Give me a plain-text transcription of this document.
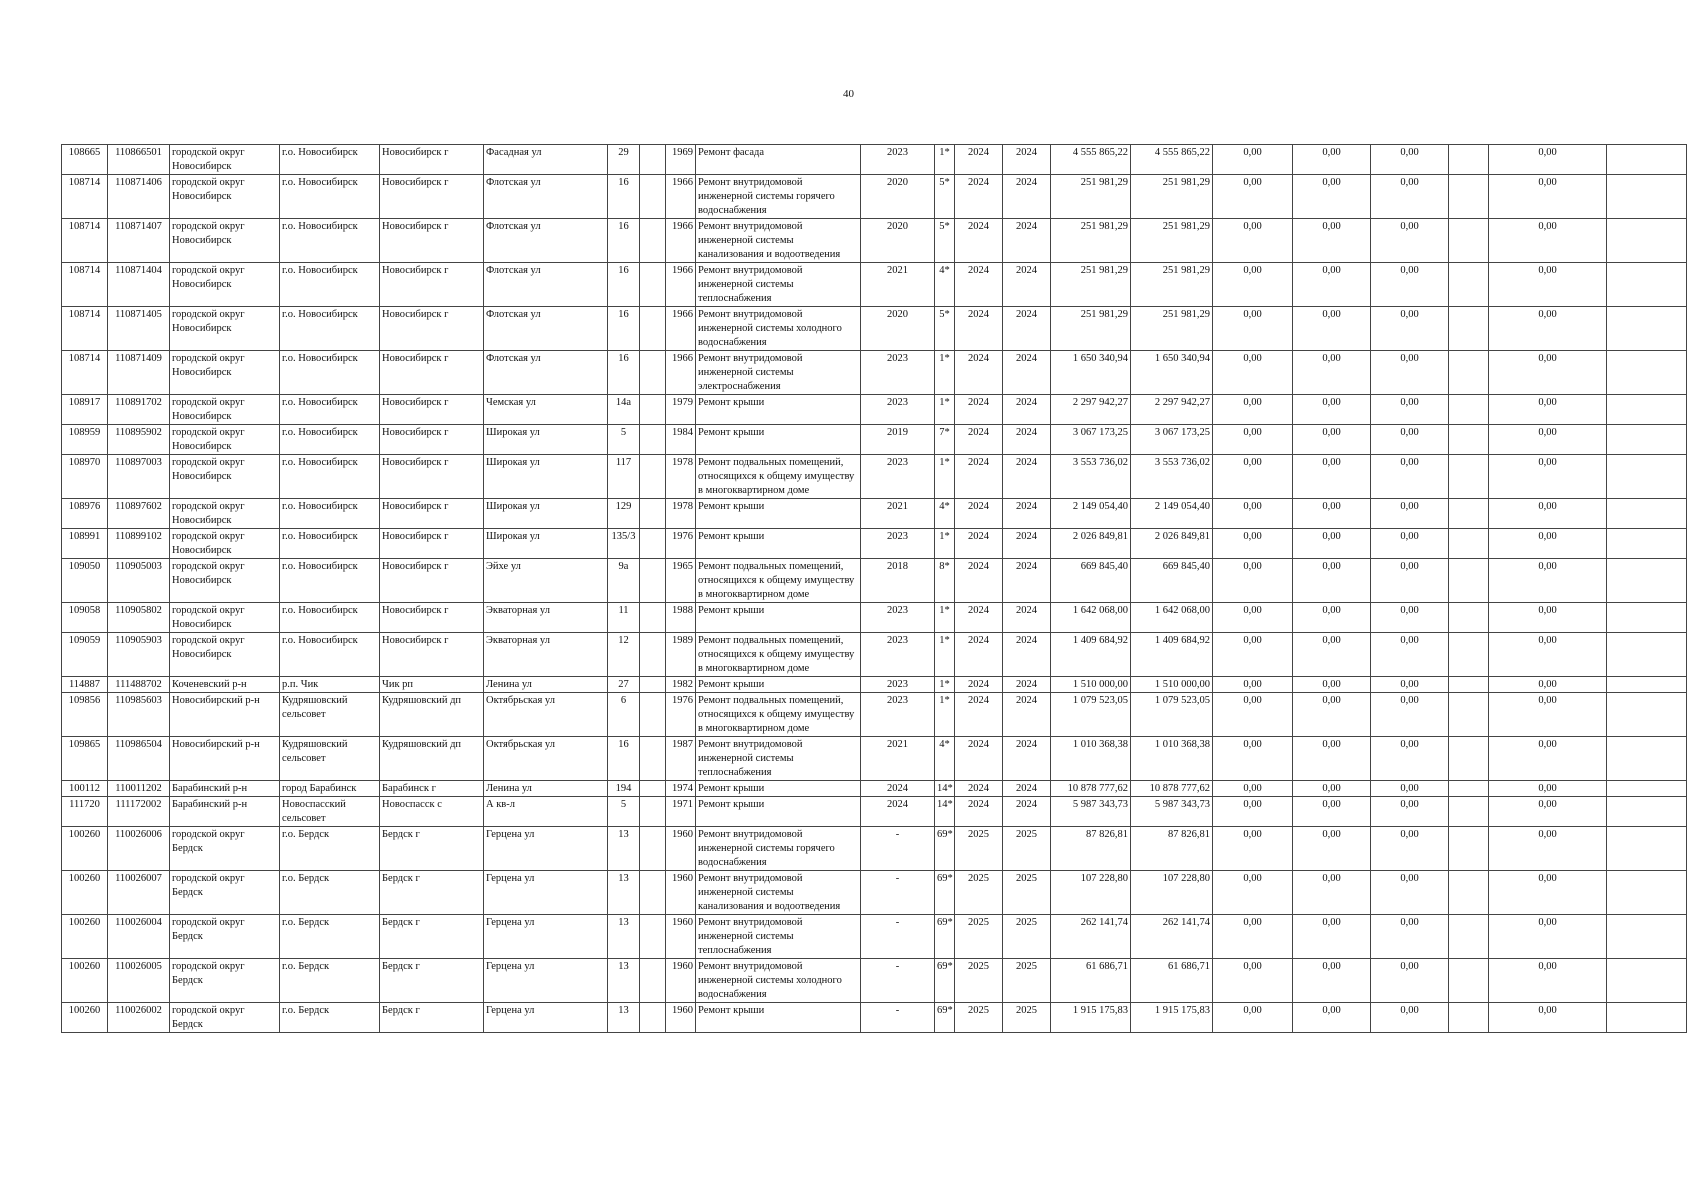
40
108665	110866501	городской округ Новосибирск	г.о. Новосибирск	Новосибирск г	Фасадная ул	29		1969	Ремонт фасада	2023	1*	2024	2024	4 555 865,22	4 555 865,22	0,00	0,00	0,00		0,00	
108714	110871406	городской округ Новосибирск	г.о. Новосибирск	Новосибирск г	Флотская ул	16		1966	Ремонт внутридомовой инженерной системы горячего водоснабжения	2020	5*	2024	2024	251 981,29	251 981,29	0,00	0,00	0,00		0,00	
108714	110871407	городской округ Новосибирск	г.о. Новосибирск	Новосибирск г	Флотская ул	16		1966	Ремонт внутридомовой инженерной системы канализования и водоотведения	2020	5*	2024	2024	251 981,29	251 981,29	0,00	0,00	0,00		0,00	
108714	110871404	городской округ Новосибирск	г.о. Новосибирск	Новосибирск г	Флотская ул	16		1966	Ремонт внутридомовой инженерной системы теплоснабжения	2021	4*	2024	2024	251 981,29	251 981,29	0,00	0,00	0,00		0,00	
108714	110871405	городской округ Новосибирск	г.о. Новосибирск	Новосибирск г	Флотская ул	16		1966	Ремонт внутридомовой инженерной системы холодного водоснабжения	2020	5*	2024	2024	251 981,29	251 981,29	0,00	0,00	0,00		0,00	
108714	110871409	городской округ Новосибирск	г.о. Новосибирск	Новосибирск г	Флотская ул	16		1966	Ремонт внутридомовой инженерной системы электроснабжения	2023	1*	2024	2024	1 650 340,94	1 650 340,94	0,00	0,00	0,00		0,00	
108917	110891702	городской округ Новосибирск	г.о. Новосибирск	Новосибирск г	Чемская ул	14а		1979	Ремонт крыши	2023	1*	2024	2024	2 297 942,27	2 297 942,27	0,00	0,00	0,00		0,00	
108959	110895902	городской округ Новосибирск	г.о. Новосибирск	Новосибирск г	Широкая ул	5		1984	Ремонт крыши	2019	7*	2024	2024	3 067 173,25	3 067 173,25	0,00	0,00	0,00		0,00	
108970	110897003	городской округ Новосибирск	г.о. Новосибирск	Новосибирск г	Широкая ул	117		1978	Ремонт подвальных помещений, относящихся к общему имуществу в многоквартирном доме	2023	1*	2024	2024	3 553 736,02	3 553 736,02	0,00	0,00	0,00		0,00	
108976	110897602	городской округ Новосибирск	г.о. Новосибирск	Новосибирск г	Широкая ул	129		1978	Ремонт крыши	2021	4*	2024	2024	2 149 054,40	2 149 054,40	0,00	0,00	0,00		0,00	
108991	110899102	городской округ Новосибирск	г.о. Новосибирск	Новосибирск г	Широкая ул	135/3		1976	Ремонт крыши	2023	1*	2024	2024	2 026 849,81	2 026 849,81	0,00	0,00	0,00		0,00	
109050	110905003	городской округ Новосибирск	г.о. Новосибирск	Новосибирск г	Эйхе ул	9а		1965	Ремонт подвальных помещений, относящихся к общему имуществу в многоквартирном доме	2018	8*	2024	2024	669 845,40	669 845,40	0,00	0,00	0,00		0,00	
109058	110905802	городской округ Новосибирск	г.о. Новосибирск	Новосибирск г	Экваторная ул	11		1988	Ремонт крыши	2023	1*	2024	2024	1 642 068,00	1 642 068,00	0,00	0,00	0,00		0,00	
109059	110905903	городской округ Новосибирск	г.о. Новосибирск	Новосибирск г	Экваторная ул	12		1989	Ремонт подвальных помещений, относящихся к общему имуществу в многоквартирном доме	2023	1*	2024	2024	1 409 684,92	1 409 684,92	0,00	0,00	0,00		0,00	
114887	111488702	Коченевский р-н	р.п. Чик	Чик рп	Ленина ул	27		1982	Ремонт крыши	2023	1*	2024	2024	1 510 000,00	1 510 000,00	0,00	0,00	0,00		0,00	
109856	110985603	Новосибирский р-н	Кудряшовский сельсовет	Кудряшовский дп	Октябрьская ул	6		1976	Ремонт подвальных помещений, относящихся к общему имуществу в многоквартирном доме	2023	1*	2024	2024	1 079 523,05	1 079 523,05	0,00	0,00	0,00		0,00	
109865	110986504	Новосибирский р-н	Кудряшовский сельсовет	Кудряшовский дп	Октябрьская ул	16		1987	Ремонт внутридомовой инженерной системы теплоснабжения	2021	4*	2024	2024	1 010 368,38	1 010 368,38	0,00	0,00	0,00		0,00	
100112	110011202	Барабинский р-н	город Барабинск	Барабинск г	Ленина ул	194		1974	Ремонт крыши	2024	14*	2024	2024	10 878 777,62	10 878 777,62	0,00	0,00	0,00		0,00	
111720	111172002	Барабинский р-н	Новоспасский сельсовет	Новоспасск с	А кв-л	5		1971	Ремонт крыши	2024	14*	2024	2024	5 987 343,73	5 987 343,73	0,00	0,00	0,00		0,00	
100260	110026006	городской округ Бердск	г.о. Бердск	Бердск г	Герцена ул	13		1960	Ремонт внутридомовой инженерной системы горячего водоснабжения	-	69*	2025	2025	87 826,81	87 826,81	0,00	0,00	0,00		0,00	
100260	110026007	городской округ Бердск	г.о. Бердск	Бердск г	Герцена ул	13		1960	Ремонт внутридомовой инженерной системы канализования и водоотведения	-	69*	2025	2025	107 228,80	107 228,80	0,00	0,00	0,00		0,00	
100260	110026004	городской округ Бердск	г.о. Бердск	Бердск г	Герцена ул	13		1960	Ремонт внутридомовой инженерной системы теплоснабжения	-	69*	2025	2025	262 141,74	262 141,74	0,00	0,00	0,00		0,00	
100260	110026005	городской округ Бердск	г.о. Бердск	Бердск г	Герцена ул	13		1960	Ремонт внутридомовой инженерной системы холодного водоснабжения	-	69*	2025	2025	61 686,71	61 686,71	0,00	0,00	0,00		0,00	
100260	110026002	городской округ Бердск	г.о. Бердск	Бердск г	Герцена ул	13		1960	Ремонт крыши	-	69*	2025	2025	1 915 175,83	1 915 175,83	0,00	0,00	0,00		0,00	
